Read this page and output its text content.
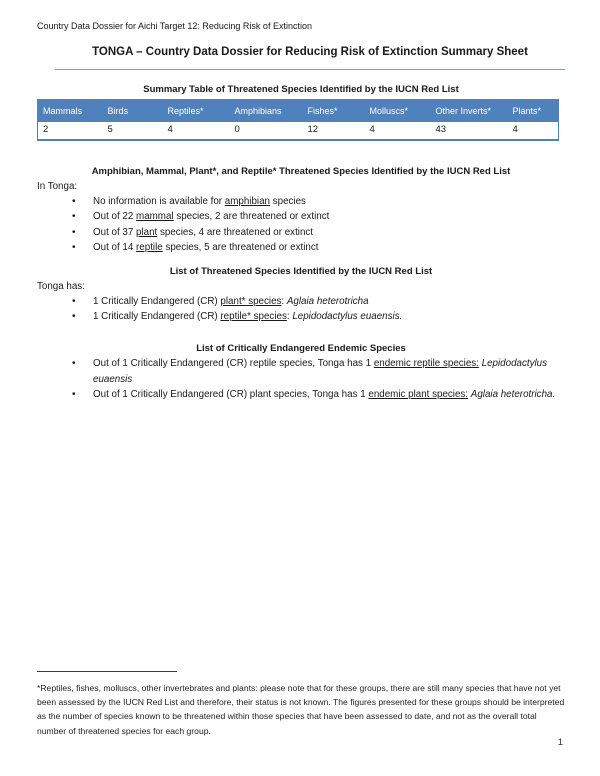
Country Data Dossier for Aichi Target 12: Reducing Risk of Extinction
TONGA – Country Data Dossier for Reducing Risk of Extinction Summary Sheet
Summary Table of Threatened Species Identified by the IUCN Red List
Mammals	Birds	Reptiles*	Amphibians	Fishes*	Molluscs*	Other Inverts*	Plants*
2	5	4	0	12	4	43	4
Amphibian, Mammal, Plant*, and Reptile* Threatened Species Identified by the IUCN Red List
In Tonga:
• No information is available for amphibian species
• Out of 22 mammal species, 2 are threatened or extinct
• Out of 37 plant species, 4 are threatened or extinct
• Out of 14 reptile species, 5 are threatened or extinct
List of Threatened Species Identified by the IUCN Red List
Tonga has:
• 1 Critically Endangered (CR) plant* species: Aglaia heterotricha
• 1 Critically Endangered (CR) reptile* species: Lepidodactylus euaensis.
List of Critically Endangered Endemic Species
• Out of 1 Critically Endangered (CR) reptile species, Tonga has 1 endemic reptile species: Lepidodactylus euaensis
• Out of 1 Critically Endangered (CR) plant species, Tonga has 1 endemic plant species: Aglaia heterotricha.
*Reptiles, fishes, molluscs, other invertebrates and plants: please note that for these groups, there are still many species that have not yet been assessed by the IUCN Red List and therefore, their status is not known. The figures presented for these groups should be interpreted as the number of species known to be threatened within those species that have been assessed to date, and not as the overall total number of threatened species for each group.
1
